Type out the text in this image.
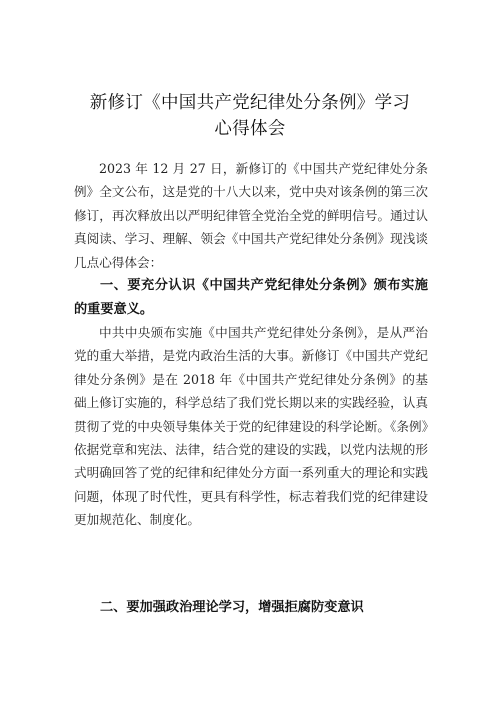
新修订《中国共产党纪律处分条例》学习
心得体会

2023 年 12 月 27 日，新修订的《中国共产党纪律处分条例》全文公布，这是党的十八大以来，党中央对该条例的第三次修订，再次释放出以严明纪律管全党治全党的鲜明信号。通过认真阅读、学习、理解、领会《中国共产党纪律处分条例》现浅谈几点心得体会：

一、要充分认识《中国共产党纪律处分条例》颁布实施的重要意义。

中共中央颁布实施《中国共产党纪律处分条例》，是从严治党的重大举措，是党内政治生活的大事。新修订《中国共产党纪律处分条例》是在 2018 年《中国共产党纪律处分条例》的基础上修订实施的，科学总结了我们党长期以来的实践经验，认真贯彻了党的中央领导集体关于党的纪律建设的科学论断。《条例》依据党章和宪法、法律，结合党的建设的实践，以党内法规的形式明确回答了党的纪律和纪律处分方面一系列重大的理论和实践问题，体现了时代性，更具有科学性，标志着我们党的纪律建设更加规范化、制度化。

二、要加强政治理论学习，增强拒腐防变意识
